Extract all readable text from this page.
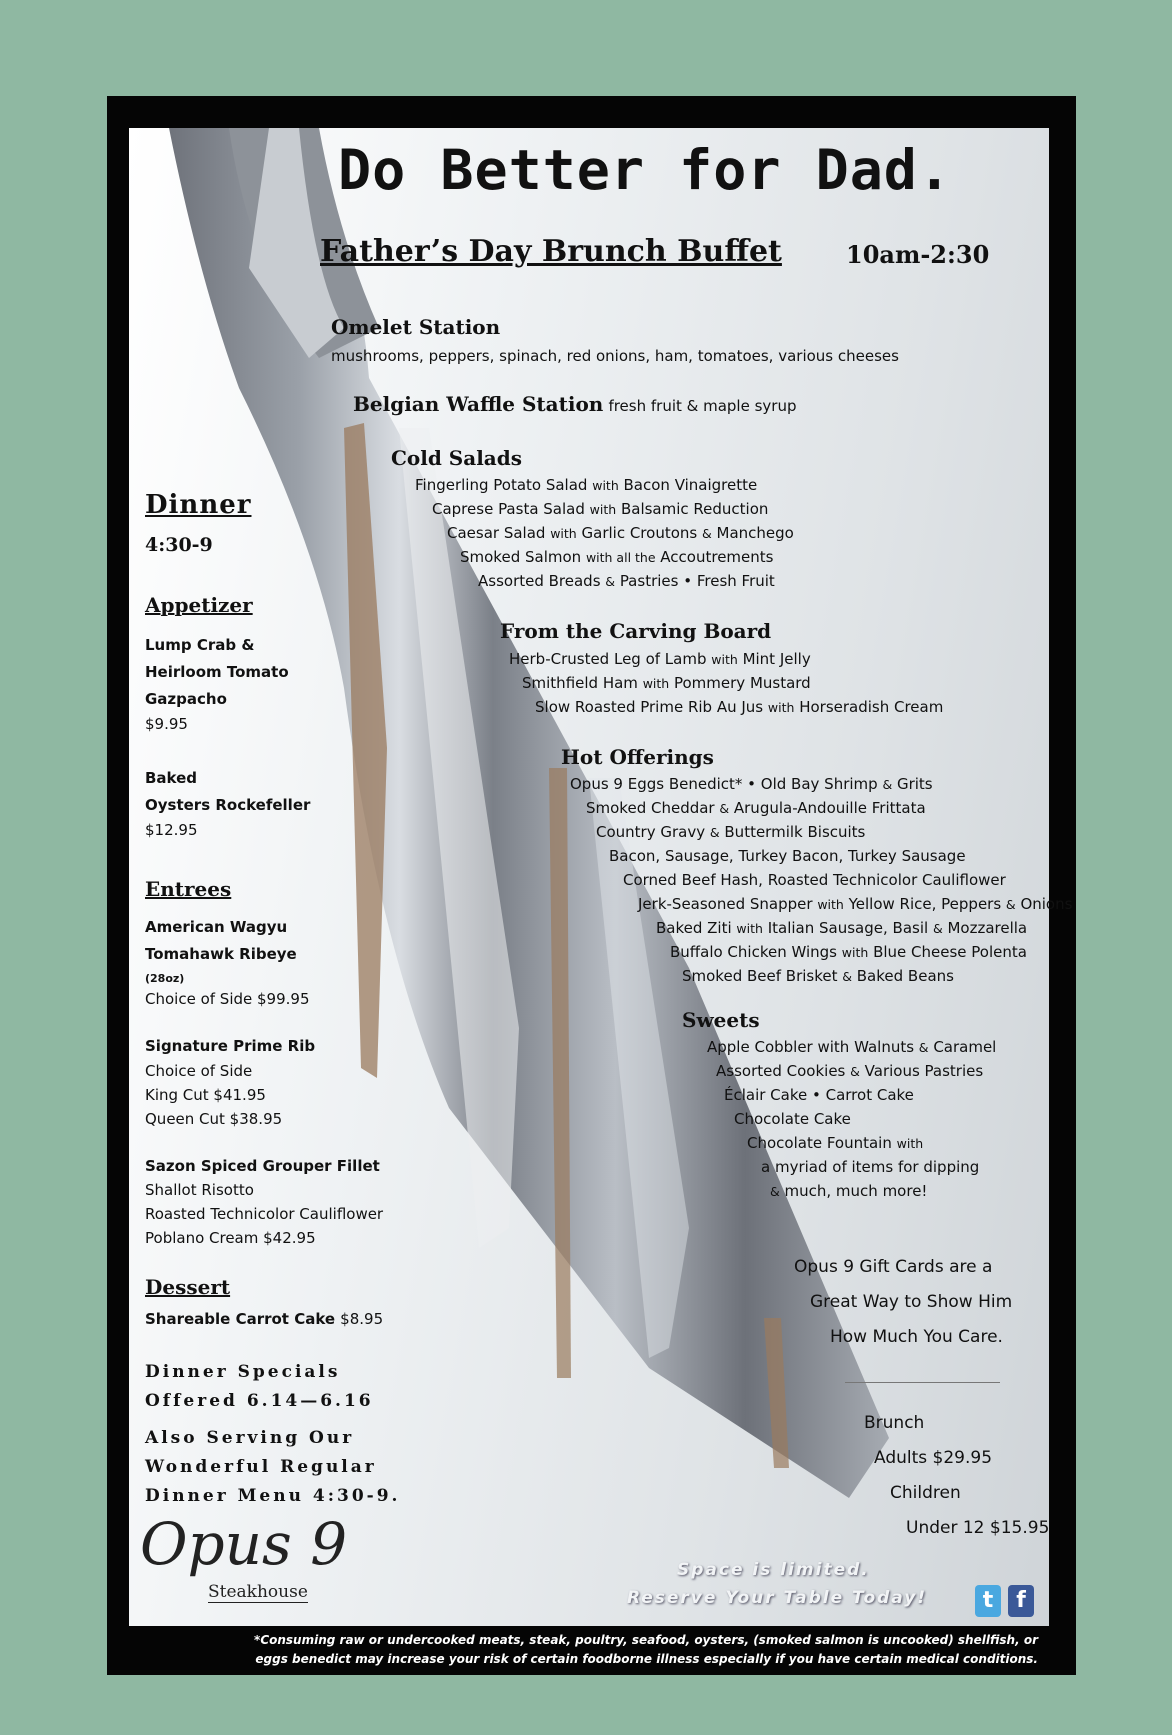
Do Better for Dad.
Father’s Day Brunch Buffet	10am-2:30
Omelet Station
mushrooms, peppers, spinach, red onions, ham, tomatoes, various cheeses
Belgian Waffle Station fresh fruit & maple syrup
Cold Salads
Fingerling Potato Salad with Bacon Vinaigrette
Caprese Pasta Salad with Balsamic Reduction
Caesar Salad with Garlic Croutons & Manchego
Smoked Salmon with all the Accoutrements
Assorted Breads & Pastries • Fresh Fruit
From the Carving Board
Herb-Crusted Leg of Lamb with Mint Jelly
Smithfield Ham with Pommery Mustard
Slow Roasted Prime Rib Au Jus with Horseradish Cream
Hot Offerings
Opus 9 Eggs Benedict* • Old Bay Shrimp & Grits
Smoked Cheddar & Arugula-Andouille Frittata
Country Gravy & Buttermilk Biscuits
Bacon, Sausage, Turkey Bacon, Turkey Sausage
Corned Beef Hash, Roasted Technicolor Cauliflower
Jerk-Seasoned Snapper with Yellow Rice, Peppers & Onions
Baked Ziti with Italian Sausage, Basil & Mozzarella
Buffalo Chicken Wings with Blue Cheese Polenta
Smoked Beef Brisket & Baked Beans
Sweets
Apple Cobbler with Walnuts & Caramel
Assorted Cookies & Various Pastries
Éclair Cake • Carrot Cake
Chocolate Cake
Chocolate Fountain with
a myriad of items for dipping
& much, much more!
Opus 9 Gift Cards are a
Great Way to Show Him
How Much You Care.
Brunch
Adults $29.95
Children
Under 12 $15.95
Space is limited.
Reserve Your Table Today!	t	f
*Consuming raw or undercooked meats, steak, poultry, seafood, oysters, (smoked salmon is uncooked) shellfish, or
eggs benedict may increase your risk of certain foodborne illness especially if you have certain medical conditions.
Dinner
4:30-9
Appetizer
Lump Crab &
Heirloom Tomato
Gazpacho
$9.95
Baked
Oysters Rockefeller
$12.95
Entrees
American Wagyu
Tomahawk Ribeye
(28oz)
Choice of Side $99.95
Signature Prime Rib
Choice of Side
King Cut $41.95
Queen Cut $38.95
Sazon Spiced Grouper Fillet
Shallot Risotto
Roasted Technicolor Cauliflower
Poblano Cream $42.95
Dessert
Shareable Carrot Cake $8.95
Dinner Specials
Offered 6.14—6.16
Also Serving Our
Wonderful Regular
Dinner Menu 4:30-9.
Opus 9
Steakhouse
